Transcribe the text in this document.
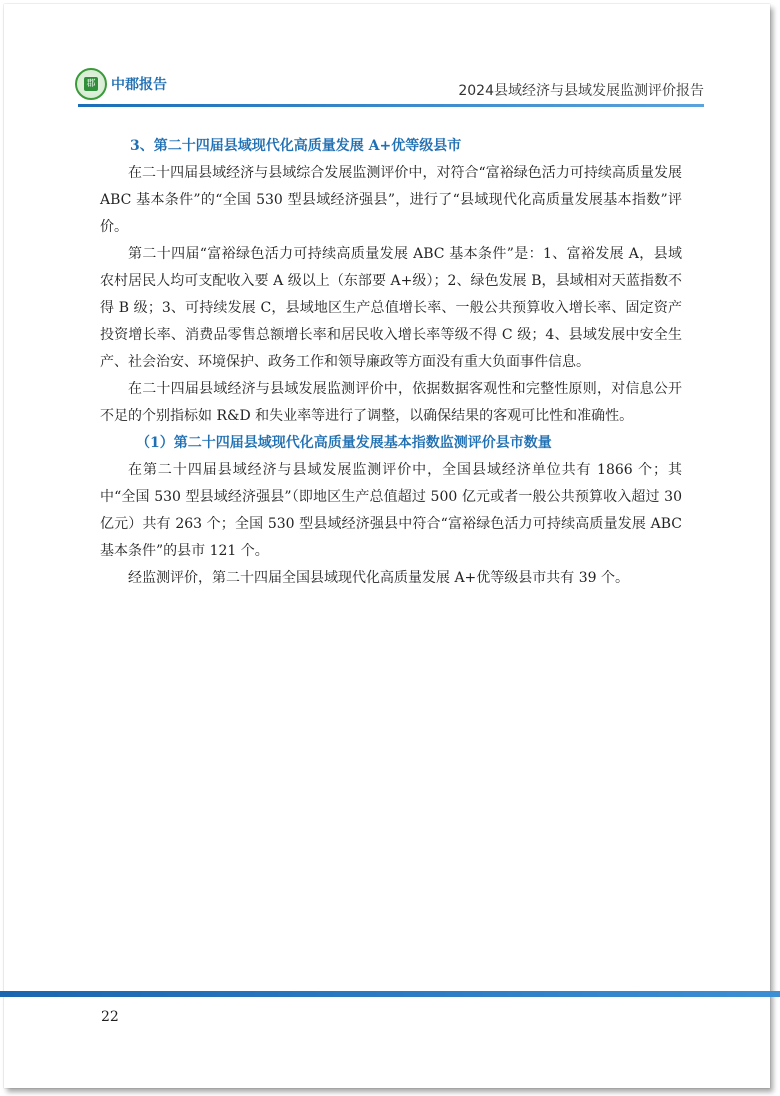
郡 中郡报告	2024县域经济与县域发展监测评价报告

3、第二十四届县域现代化高质量发展 A+优等级县市

在二十四届县域经济与县域综合发展监测评价中，对符合“富裕绿色活力可持续高质量发展 ABC 基本条件”的“全国 530 型县域经济强县”，进行了“县域现代化高质量发展基本指数”评价。

第二十四届“富裕绿色活力可持续高质量发展 ABC 基本条件”是：1、富裕发展 A，县域农村居民人均可支配收入要 A 级以上（东部要 A+级）；2、绿色发展 B，县域相对天蓝指数不得 B 级；3、可持续发展 C，县域地区生产总值增长率、一般公共预算收入增长率、固定资产投资增长率、消费品零售总额增长率和居民收入增长率等级不得 C 级；4、县域发展中安全生产、社会治安、环境保护、政务工作和领导廉政等方面没有重大负面事件信息。

在二十四届县域经济与县域发展监测评价中，依据数据客观性和完整性原则，对信息公开不足的个别指标如 R&D 和失业率等进行了调整，以确保结果的客观可比性和准确性。

（1）第二十四届县域现代化高质量发展基本指数监测评价县市数量

在第二十四届县域经济与县域发展监测评价中，全国县域经济单位共有 1866 个；其中“全国 530 型县域经济强县”（即地区生产总值超过 500 亿元或者一般公共预算收入超过 30 亿元）共有 263 个；全国 530 型县域经济强县中符合“富裕绿色活力可持续高质量发展 ABC 基本条件”的县市 121 个。

经监测评价，第二十四届全国县域现代化高质量发展 A+优等级县市共有 39 个。

22
